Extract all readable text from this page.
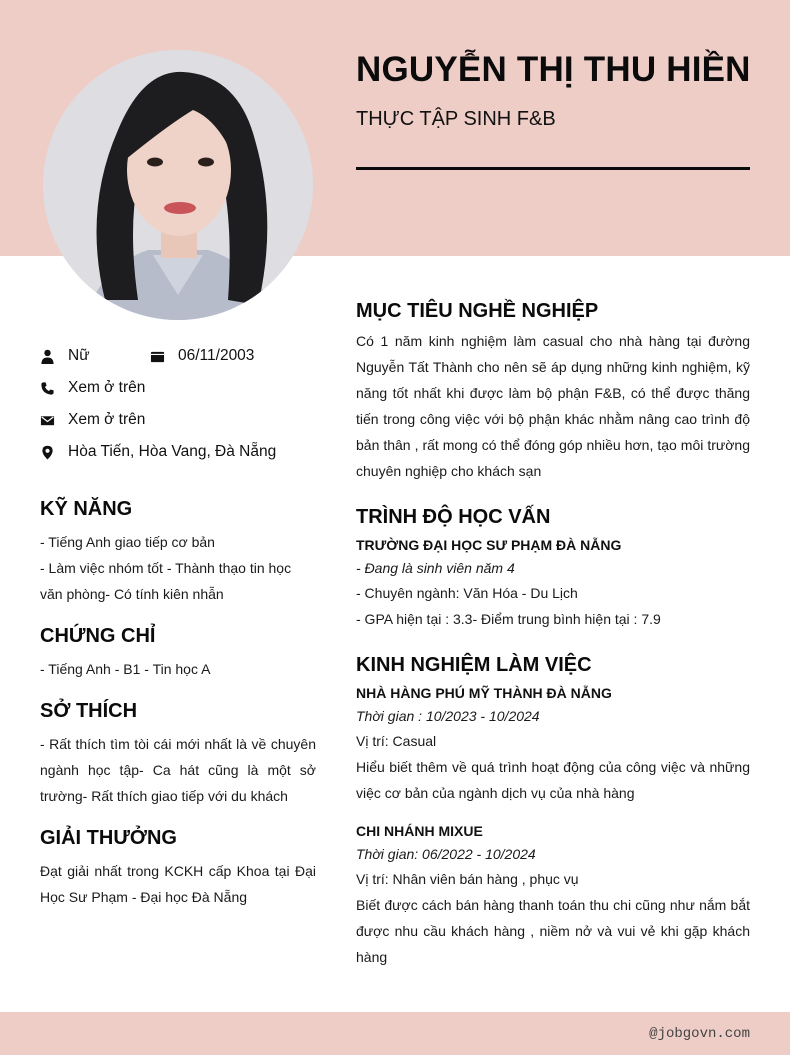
NGUYỄN THỊ THU HIỀN
THỰC TẬP SINH F&B
Nữ	06/11/2003
Xem ở trên
Xem ở trên
Hòa Tiến, Hòa Vang, Đà Nẵng
KỸ NĂNG
- Tiếng Anh giao tiếp cơ bản
- Làm việc nhóm tốt - Thành thạo tin học văn phòng- Có tính kiên nhẫn
CHỨNG CHỈ
- Tiếng Anh - B1 - Tin học A
SỞ THÍCH
- Rất thích tìm tòi cái mới nhất là về chuyên ngành học tập- Ca hát cũng là một sở trường- Rất thích giao tiếp với du khách
GIẢI THƯỞNG
Đạt giải nhất trong KCKH cấp Khoa tại Đại Học Sư Phạm - Đại học Đà Nẵng
MỤC TIÊU NGHỀ NGHIỆP
Có 1 năm kinh nghiệm làm casual cho nhà hàng tại đường Nguyễn Tất Thành cho nên sẽ áp dụng những kinh nghiệm, kỹ năng tốt nhất khi được làm bộ phận F&B, có thể được thăng tiến trong công việc với bộ phận khác nhằm nâng cao trình độ bản thân , rất mong có thể đóng góp nhiều hơn, tạo môi trường chuyên nghiệp cho khách sạn
TRÌNH ĐỘ HỌC VẤN
TRƯỜNG ĐẠI HỌC SƯ PHẠM ĐÀ NẴNG
- Đang là sinh viên năm 4
- Chuyên ngành: Văn Hóa - Du Lịch
- GPA hiện tại : 3.3- Điểm trung bình hiện tại : 7.9
KINH NGHIỆM LÀM VIỆC
NHÀ HÀNG PHÚ MỸ THÀNH ĐÀ NẴNG
Thời gian : 10/2023 - 10/2024
Vị trí: Casual
Hiểu biết thêm về quá trình hoạt động của công việc và những việc cơ bản của ngành dịch vụ của nhà hàng
CHI NHÁNH MIXUE
Thời gian: 06/2022 - 10/2024
Vị trí: Nhân viên bán hàng , phục vụ
Biết được cách bán hàng thanh toán thu chi cũng như nắm bắt được nhu cầu khách hàng , niềm nở và vui vẻ khi gặp khách hàng
@jobgovn.com
